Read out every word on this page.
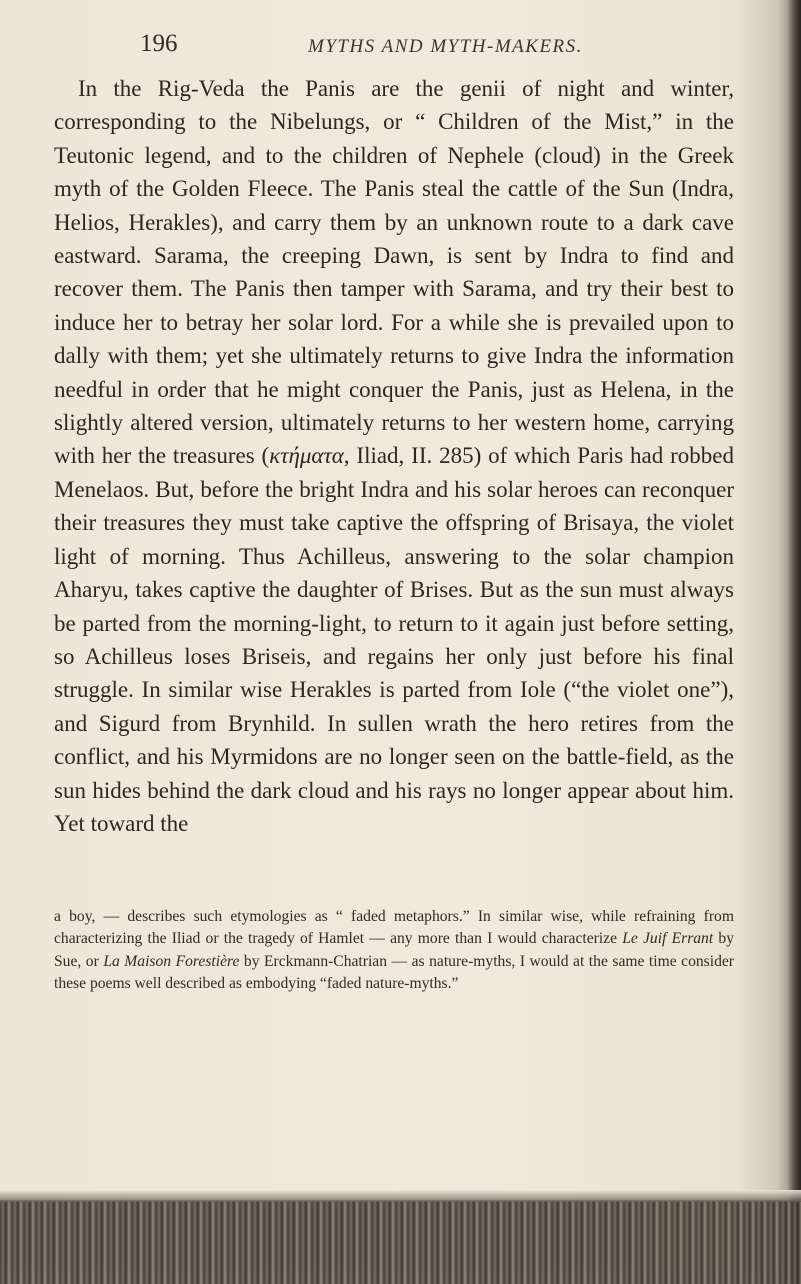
196	MYTHS AND MYTH-MAKERS.

In the Rig-Veda the Panis are the genii of night and winter, corresponding to the Nibelungs, or “ Children of the Mist,” in the Teutonic legend, and to the children of Nephele (cloud) in the Greek myth of the Golden Fleece. The Panis steal the cattle of the Sun (Indra, Helios, Herakles), and carry them by an unknown route to a dark cave eastward. Sarama, the creeping Dawn, is sent by Indra to find and recover them. The Panis then tamper with Sarama, and try their best to induce her to betray her solar lord. For a while she is prevailed upon to dally with them; yet she ultimately returns to give Indra the information needful in order that he might conquer the Panis, just as Helena, in the slightly altered version, ultimately returns to her western home, carrying with her the treasures (κτήματα, Iliad, II. 285) of which Paris had robbed Menelaos. But, before the bright Indra and his solar heroes can reconquer their treasures they must take captive the offspring of Brisaya, the violet light of morning. Thus Achilleus, answering to the solar champion Aharyu, takes captive the daughter of Brises. But as the sun must always be parted from the morning-light, to return to it again just before setting, so Achilleus loses Briseis, and regains her only just before his final struggle. In similar wise Herakles is parted from Iole (“the violet one”), and Sigurd from Brynhild. In sullen wrath the hero retires from the conflict, and his Myrmidons are no longer seen on the battle-field, as the sun hides behind the dark cloud and his rays no longer appear about him. Yet toward the

a boy, — describes such etymologies as “ faded metaphors.” In similar wise, while refraining from characterizing the Iliad or the tragedy of Hamlet — any more than I would characterize Le Juif Errant by Sue, or La Maison Forestière by Erckmann-Chatrian — as nature-myths, I would at the same time consider these poems well described as embodying “faded nature-myths.”
